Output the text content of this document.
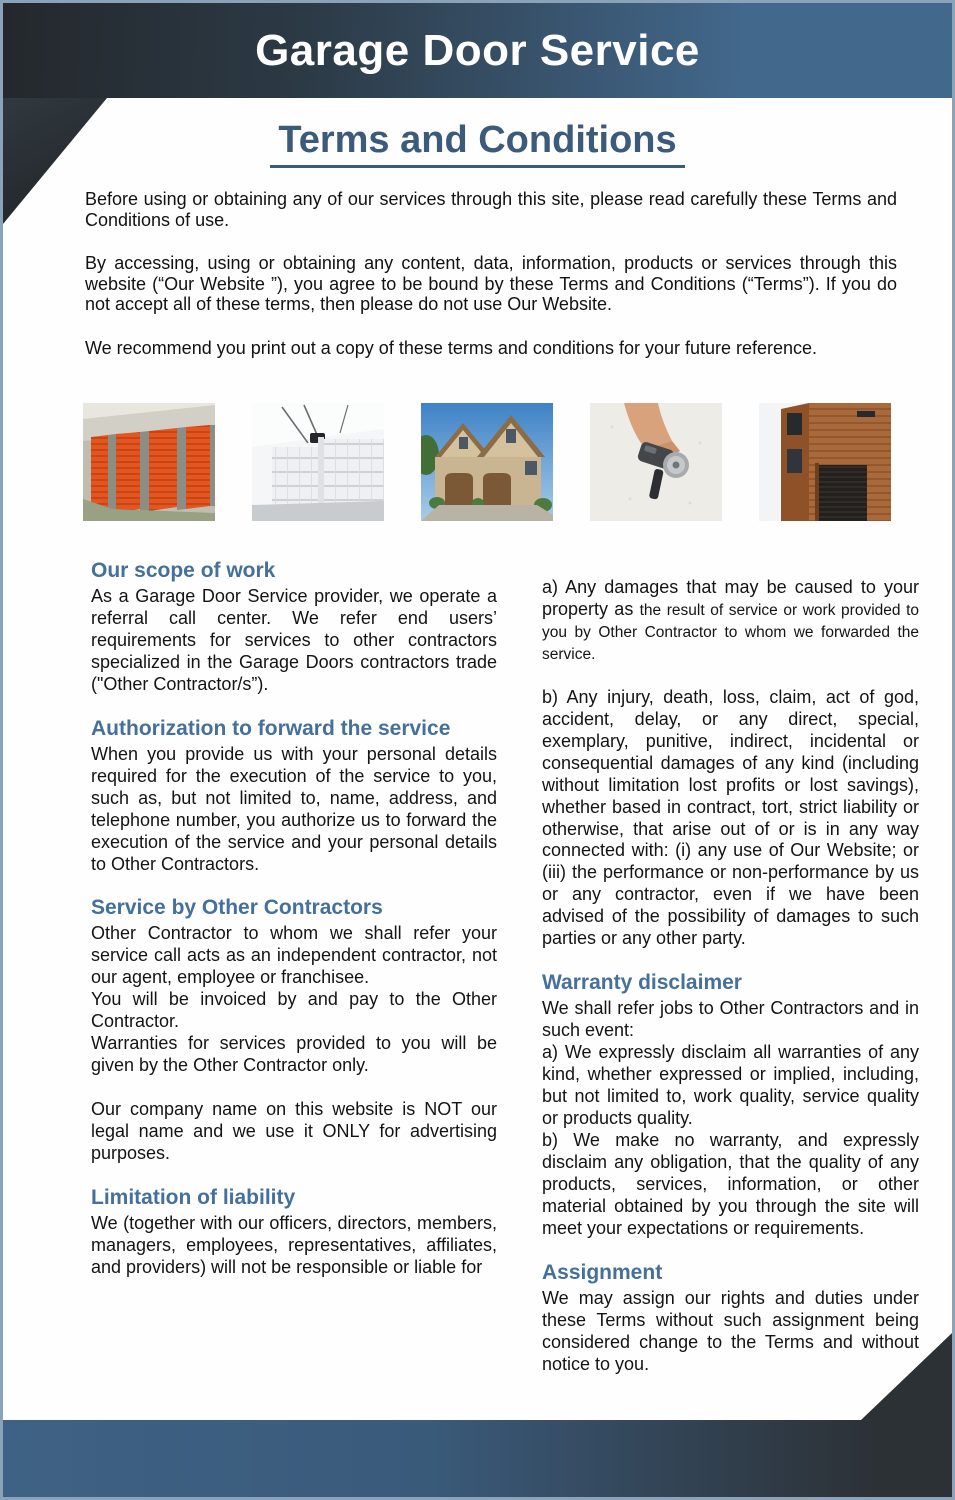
Garage Door Service
Terms and Conditions

Before using or obtaining any of our services through this site, please read carefully these Terms and Conditions of use.

By accessing, using or obtaining any content, data, information, products or services through this website (“Our Website ”), you agree to be bound by these Terms and Conditions (“Terms”). If you do not accept all of these terms, then please do not use Our Website.

We recommend you print out a copy of these terms and conditions for your future reference.

Our scope of work

As a Garage Door Service provider, we operate a referral call center. We refer end users’ requirements for services to other contractors specialized in the Garage Doors contractors trade ("Other Contractor/s”).

Authorization to forward the service

When you provide us with your personal details required for the execution of the service to you, such as, but not limited to, name, address, and telephone number, you authorize us to forward the execution of the service and your personal details to Other Contractors.

Service by Other Contractors

Other Contractor to whom we shall refer your service call acts as an independent contractor, not our agent, employee or franchisee.

You will be invoiced by and pay to the Other Contractor.

Warranties for services provided to you will be given by the Other Contractor only.

Our company name on this website is NOT our legal name and we use it ONLY for advertising purposes.

Limitation of liability

We (together with our officers, directors, members, managers, employees, representatives, affiliates, and providers) will not be responsible or liable for

a) Any damages that may be caused to your property as the result of service or work provided to you by Other Contractor to whom we forwarded the service.

b) Any injury, death, loss, claim, act of god, accident, delay, or any direct, special, exemplary, punitive, indirect, incidental or consequential damages of any kind (including without limitation lost profits or lost savings), whether based in contract, tort, strict liability or otherwise, that arise out of or is in any way connected with: (i) any use of Our Website; or (iii) the performance or non-performance by us or any contractor, even if we have been advised of the possibility of damages to such parties or any other party.

Warranty disclaimer

We shall refer jobs to Other Contractors and in such event:

a) We expressly disclaim all warranties of any kind, whether expressed or implied, including, but not limited to, work quality, service quality or products quality.

b) We make no warranty, and expressly disclaim any obligation, that the quality of any products, services, information, or other material obtained by you through the site will meet your expectations or requirements.

Assignment

We may assign our rights and duties under these Terms without such assignment being considered change to the Terms and without notice to you.
